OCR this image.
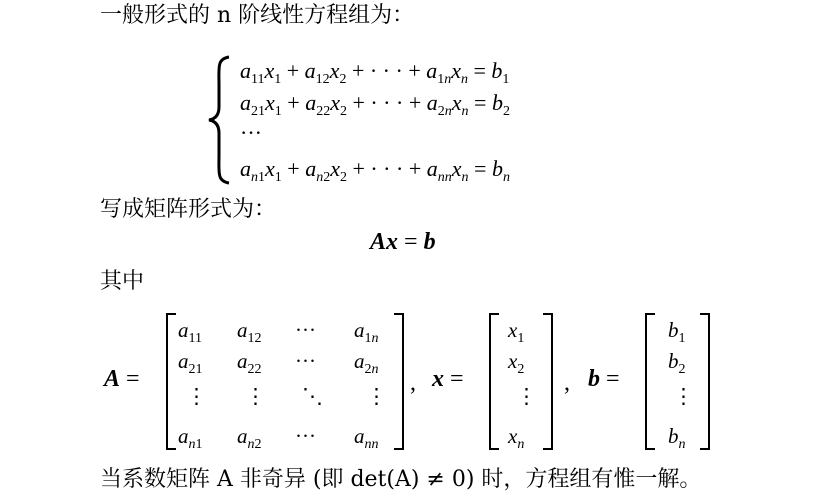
一般形式的 n 阶线性方程组为：
$a_{11}x_1 + a_{12}x_2$ + · · · + $a_{1n}x_n = b_1$
$a_{21}x_1 + a_{22}x_2$ + · · · + $a_{2n}x_n = b_2$
···
$a_{n1}x_1 + a_{n2}x_2$ + · · · + $a_{nn}x_n = b_n$
写成矩阵形式为：
Ax = b
其中
A =
$a_{11}$ $a_{12}$ ··· $a_{1n}$
$a_{21}$ $a_{22}$ ··· $a_{2n}$
⋮ ⋮ ⋱ ⋮
$a_{n1}$ $a_{n2}$ ··· $a_{nn}$
, x =
$x_1$
$x_2$
⋮
$x_n$
, b =
$b_1$
$b_2$
⋮
$b_n$
当系数矩阵 A 非奇异 (即 det(A) ≠ 0) 时，方程组有惟一解。
